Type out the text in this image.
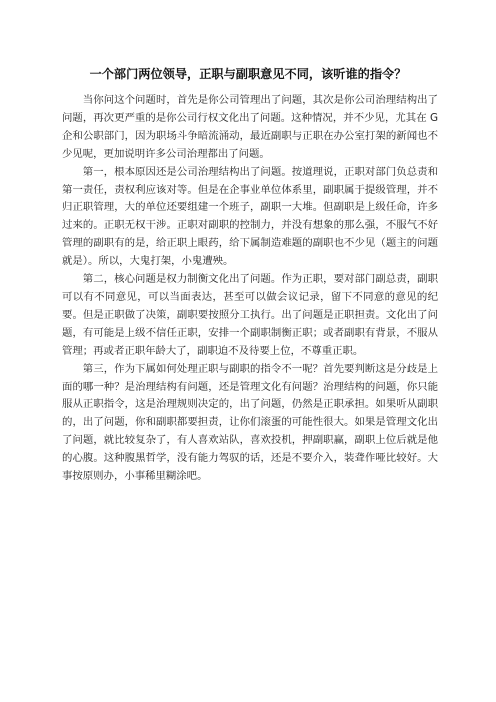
一个部门两位领导，正职与副职意见不同，该听谁的指令？

当你问这个问题时，首先是你公司管理出了问题，其次是你公司治理结构出了问题，再次更严重的是你公司行权文化出了问题。这种情况，并不少见，尤其在 G 企和公职部门，因为职场斗争暗流涌动，最近副职与正职在办公室打架的新闻也不少见呢，更加说明许多公司治理都出了问题。

第一，根本原因还是公司治理结构出了问题。按道理说，正职对部门负总责和第一责任，责权利应该对等。但是在企事业单位体系里，副职属于提级管理，并不归正职管理，大的单位还要组建一个班子，副职一大堆。但副职是上级任命，许多过来的。正职无权干涉。正职对副职的控制力，并没有想象的那么强，不服气不好管理的副职有的是，给正职上眼药，给下属制造难题的副职也不少见（题主的问题就是）。所以，大鬼打架，小鬼遭殃。

第二，核心问题是权力制衡文化出了问题。作为正职，要对部门副总责，副职可以有不同意见，可以当面表达，甚至可以做会议记录，留下不同意的意见的纪要。但是正职做了决策，副职要按照分工执行。出了问题是正职担责。文化出了问题，有可能是上级不信任正职，安排一个副职制衡正职；或者副职有背景，不服从管理；再或者正职年龄大了，副职迫不及待要上位，不尊重正职。

第三，作为下属如何处理正职与副职的指令不一呢？首先要判断这是分歧是上面的哪一种？是治理结构有问题，还是管理文化有问题？治理结构的问题，你只能服从正职指令，这是治理规则决定的，出了问题，仍然是正职承担。如果听从副职的，出了问题，你和副职都要担责，让你们滚蛋的可能性很大。如果是管理文化出了问题，就比较复杂了，有人喜欢站队，喜欢投机，押副职赢，副职上位后就是他的心腹。这种腹黑哲学，没有能力驾驭的话，还是不要介入，装聋作哑比较好。大事按原则办，小事稀里糊涂吧。
